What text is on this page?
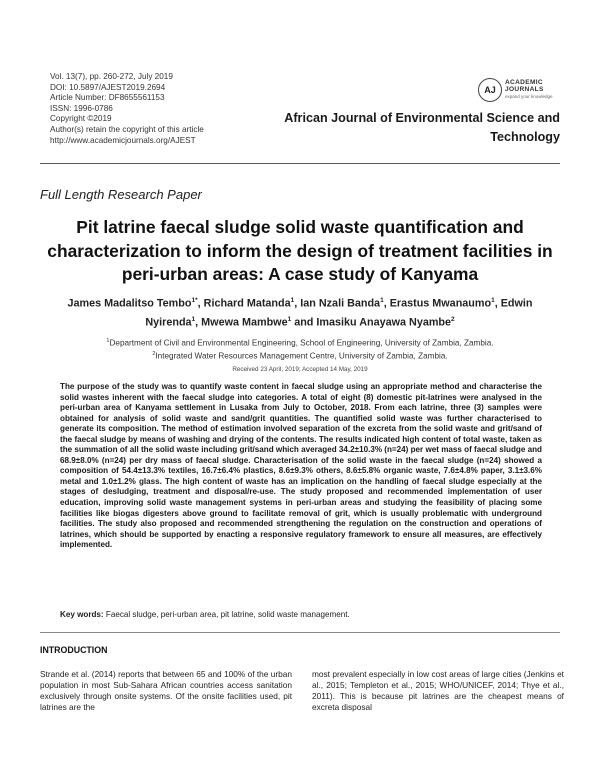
Vol. 13(7), pp. 260-272, July 2019
DOI: 10.5897/AJEST2019.2694
Article Number: DF8655561153
ISSN: 1996-0786
Copyright ©2019
Author(s) retain the copyright of this article
http://www.academicjournals.org/AJEST
AJ
ACADEMIC
JOURNALS
expand your knowledge
African Journal of Environmental Science and Technology
Full Length Research Paper
Pit latrine faecal sludge solid waste quantification and characterization to inform the design of treatment facilities in peri-urban areas: A case study of Kanyama
James Madalitso Tembo$^{1*}$, Richard Matanda$^1$, Ian Nzali Banda$^1$, Erastus Mwanaumo$^1$, Edwin Nyirenda$^1$, Mwewa Mambwe$^1$ and Imasiku Anayawa Nyambe$^2$
$^1$Department of Civil and Environmental Engineering, School of Engineering, University of Zambia, Zambia.
$^2$Integrated Water Resources Management Centre, University of Zambia, Zambia.
Received 23 April, 2019; Accepted 14 May, 2019
The purpose of the study was to quantify waste content in faecal sludge using an appropriate method and characterise the solid wastes inherent with the faecal sludge into categories. A total of eight (8) domestic pit-latrines were analysed in the peri-urban area of Kanyama settlement in Lusaka from July to October, 2018. From each latrine, three (3) samples were obtained for analysis of solid waste and sand/grit quantities. The quantified solid waste was further characterised to generate its composition. The method of estimation involved separation of the excreta from the solid waste and grit/sand of the faecal sludge by means of washing and drying of the contents. The results indicated high content of total waste, taken as the summation of all the solid waste including grit/sand which averaged 34.2±10.3% (n=24) per wet mass of faecal sludge and 68.9±8.0% (n=24) per dry mass of faecal sludge. Characterisation of the solid waste in the faecal sludge (n=24) showed a composition of 54.4±13.3% textiles, 16.7±6.4% plastics, 8.6±9.3% others, 8.6±5.8% organic waste, 7.6±4.8% paper, 3.1±3.6% metal and 1.0±1.2% glass. The high content of waste has an implication on the handling of faecal sludge especially at the stages of desludging, treatment and disposal/re-use. The study proposed and recommended implementation of user education, improving solid waste management systems in peri-urban areas and studying the feasibility of placing some facilities like biogas digesters above ground to facilitate removal of grit, which is usually problematic with underground facilities. The study also proposed and recommended strengthening the regulation on the construction and operations of latrines, which should be supported by enacting a responsive regulatory framework to ensure all measures, are effectively implemented.
Key words: Faecal sludge, peri-urban area, pit latrine, solid waste management.
INTRODUCTION
Strande et al. (2014) reports that between 65 and 100% of the urban population in most Sub-Sahara African countries access sanitation exclusively through onsite systems. Of the onsite facilities used, pit latrines are the
most prevalent especially in low cost areas of large cities (Jenkins et al., 2015; Templeton et al., 2015; WHO/UNICEF, 2014; Thye et al., 2011). This is because pit latrines are the cheapest means of excreta disposal
